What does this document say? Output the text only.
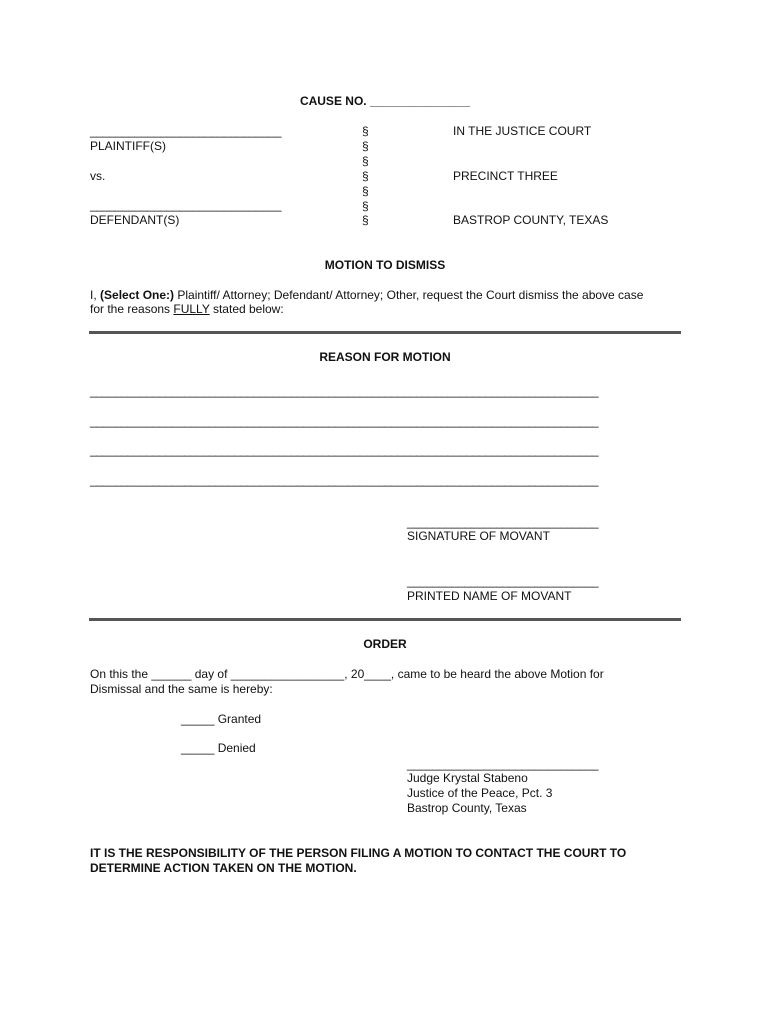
CAUSE NO. _______________
______________________________
PLAINTIFF(S)
vs.
______________________________
DEFENDANT(S)
§
§
§
§
§
§
§
IN THE JUSTICE COURT
PRECINCT THREE
BASTROP COUNTY, TEXAS
MOTION TO DISMISS
I, (Select One:) Plaintiff/ Attorney; Defendant/ Attorney; Other, request the Court dismiss the above case
for the reasons FULLY stated below:
REASON FOR MOTION
_________________________________________________________________________________
_________________________________________________________________________________
_________________________________________________________________________________
_________________________________________________________________________________
______________________________
SIGNATURE OF MOVANT
______________________________
PRINTED NAME OF MOVANT
ORDER
On this the ______ day of _________________, 20____, came to be heard the above Motion for
Dismissal and the same is hereby:
_____ Granted
_____ Denied
______________________________
Judge Krystal Stabeno
Justice of the Peace, Pct. 3
Bastrop County, Texas
IT IS THE RESPONSIBILITY OF THE PERSON FILING A MOTION TO CONTACT THE COURT TO
DETERMINE ACTION TAKEN ON THE MOTION.
